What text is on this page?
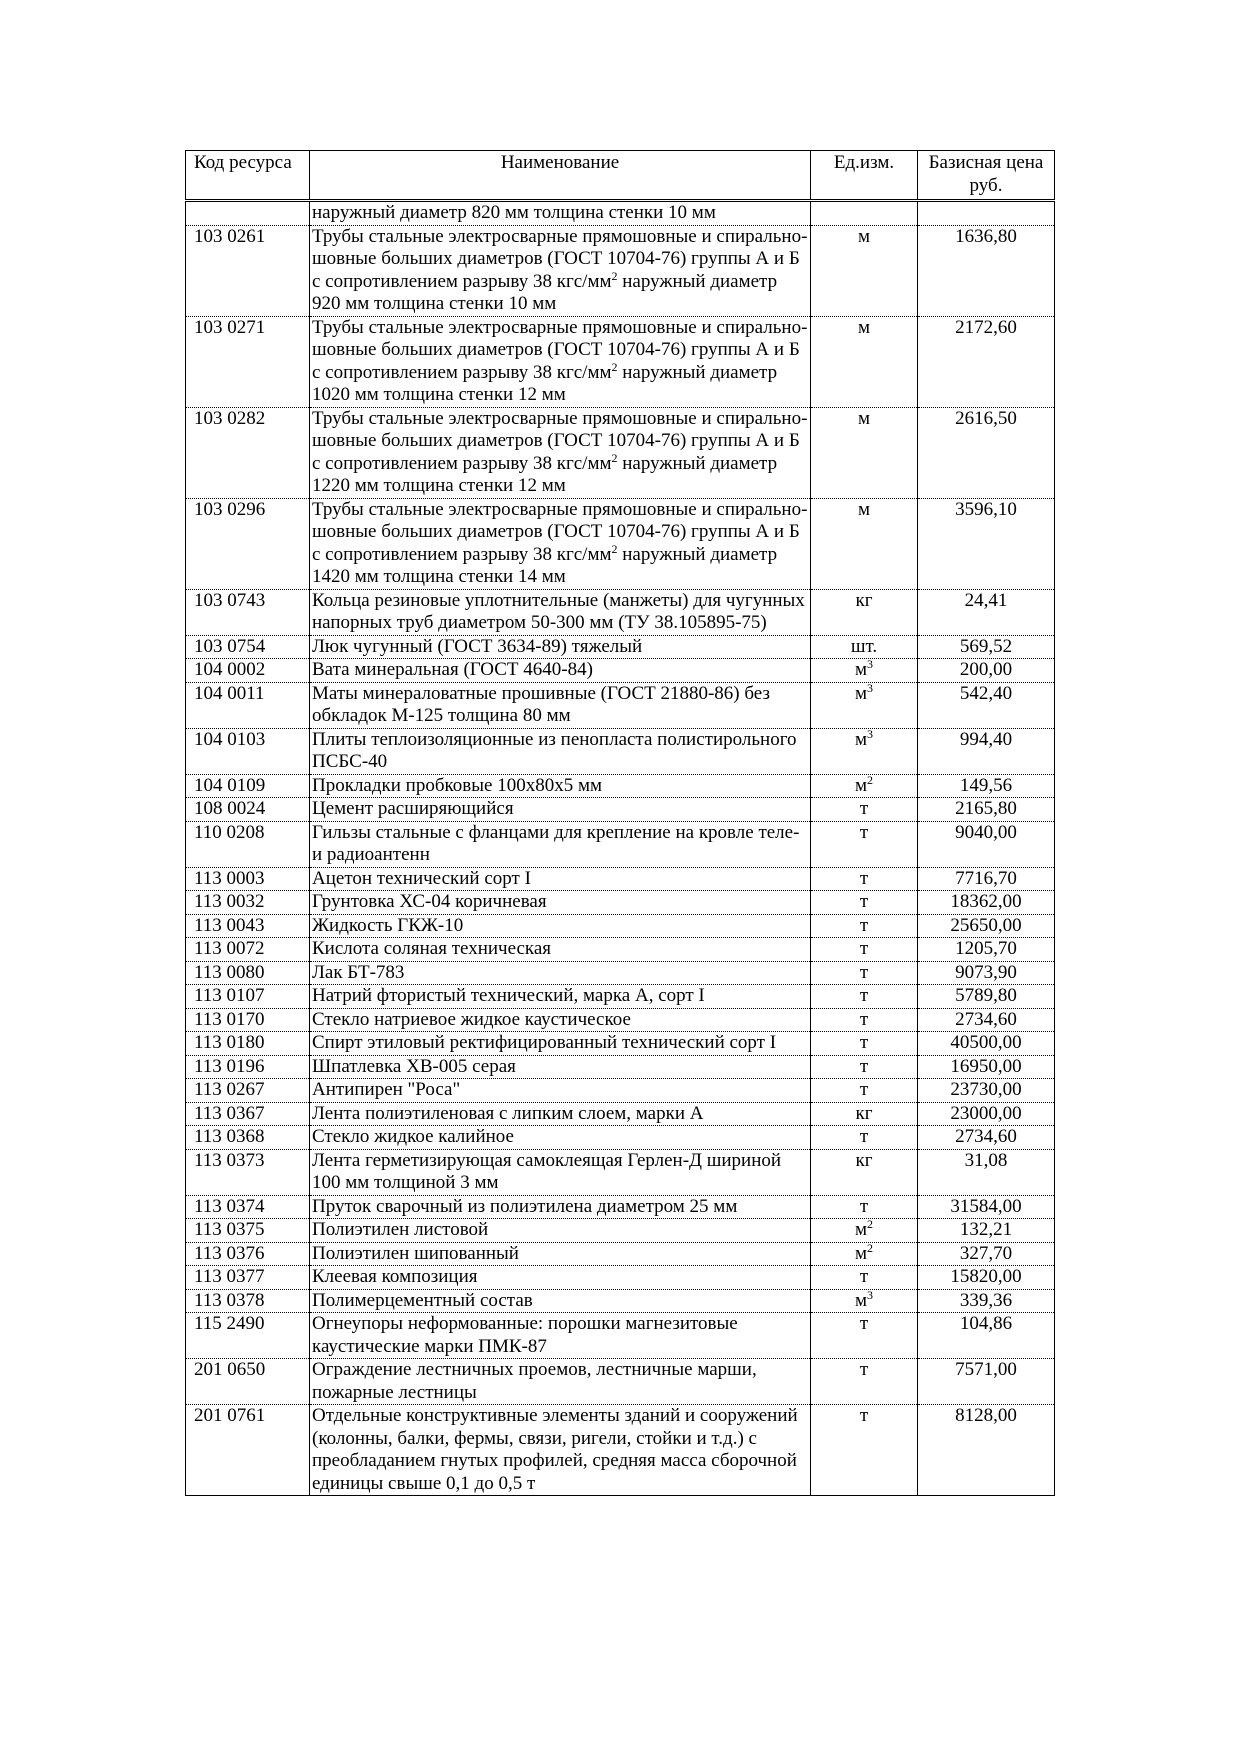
Код ресурса	Наименование	Ед.изм.	Базисная цена руб.
	наружный диаметр 820 мм толщина стенки 10 мм		
103 0261	Трубы стальные электросварные прямошовные и спирально-шовные больших диаметров (ГОСТ 10704-76) группы А и Б с сопротивлением разрыву 38 кгс/$мм^2$ наружный диаметр 920 мм толщина стенки 10 мм	м	1636,80
103 0271	Трубы стальные электросварные прямошовные и спирально-шовные больших диаметров (ГОСТ 10704-76) группы А и Б с сопротивлением разрыву 38 кгс/$мм^2$ наружный диаметр 1020 мм толщина стенки 12 мм	м	2172,60
103 0282	Трубы стальные электросварные прямошовные и спирально-шовные больших диаметров (ГОСТ 10704-76) группы А и Б с сопротивлением разрыву 38 кгс/$мм^2$ наружный диаметр 1220 мм толщина стенки 12 мм	м	2616,50
103 0296	Трубы стальные электросварные прямошовные и спирально-шовные больших диаметров (ГОСТ 10704-76) группы А и Б с сопротивлением разрыву 38 кгс/$мм^2$ наружный диаметр 1420 мм толщина стенки 14 мм	м	3596,10
103 0743	Кольца резиновые уплотнительные (манжеты) для чугунных напорных труб диаметром 50-300 мм (ТУ 38.105895-75)	кг	24,41
103 0754	Люк чугунный (ГОСТ 3634-89) тяжелый	шт.	569,52
104 0002	Вата минеральная (ГОСТ 4640-84)	$м^3$	200,00
104 0011	Маты минераловатные прошивные (ГОСТ 21880-86) без обкладок М-125 толщина 80 мм	$м^3$	542,40
104 0103	Плиты теплоизоляционные из пенопласта полистирольного ПСБС-40	$м^3$	994,40
104 0109	Прокладки пробковые 100х80х5 мм	$м^2$	149,56
108 0024	Цемент расширяющийся	т	2165,80
110 0208	Гильзы стальные с фланцами для крепление на кровле теле- и радиоантенн	т	9040,00
113 0003	Ацетон технический сорт I	т	7716,70
113 0032	Грунтовка ХС-04 коричневая	т	18362,00
113 0043	Жидкость ГКЖ-10	т	25650,00
113 0072	Кислота соляная техническая	т	1205,70
113 0080	Лак БТ-783	т	9073,90
113 0107	Натрий фтористый технический, марка А, сорт I	т	5789,80
113 0170	Стекло натриевое жидкое каустическое	т	2734,60
113 0180	Спирт этиловый ректифицированный технический сорт I	т	40500,00
113 0196	Шпатлевка ХВ-005 серая	т	16950,00
113 0267	Антипирен "Роса"	т	23730,00
113 0367	Лента полиэтиленовая с липким слоем, марки А	кг	23000,00
113 0368	Стекло жидкое калийное	т	2734,60
113 0373	Лента герметизирующая самоклеящая Герлен-Д шириной 100 мм толщиной 3 мм	кг	31,08
113 0374	Пруток сварочный из полиэтилена диаметром 25 мм	т	31584,00
113 0375	Полиэтилен листовой	$м^2$	132,21
113 0376	Полиэтилен шипованный	$м^2$	327,70
113 0377	Клеевая композиция	т	15820,00
113 0378	Полимерцементный состав	$м^3$	339,36
115 2490	Огнеупоры неформованные: порошки магнезитовые каустические марки ПМК-87	т	104,86
201 0650	Ограждение лестничных проемов, лестничные марши, пожарные лестницы	т	7571,00
201 0761	Отдельные конструктивные элементы зданий и сооружений (колонны, балки, фермы, связи, ригели, стойки и т.д.) с преобладанием гнутых профилей, средняя масса сборочной единицы свыше 0,1 до 0,5 т	т	8128,00
